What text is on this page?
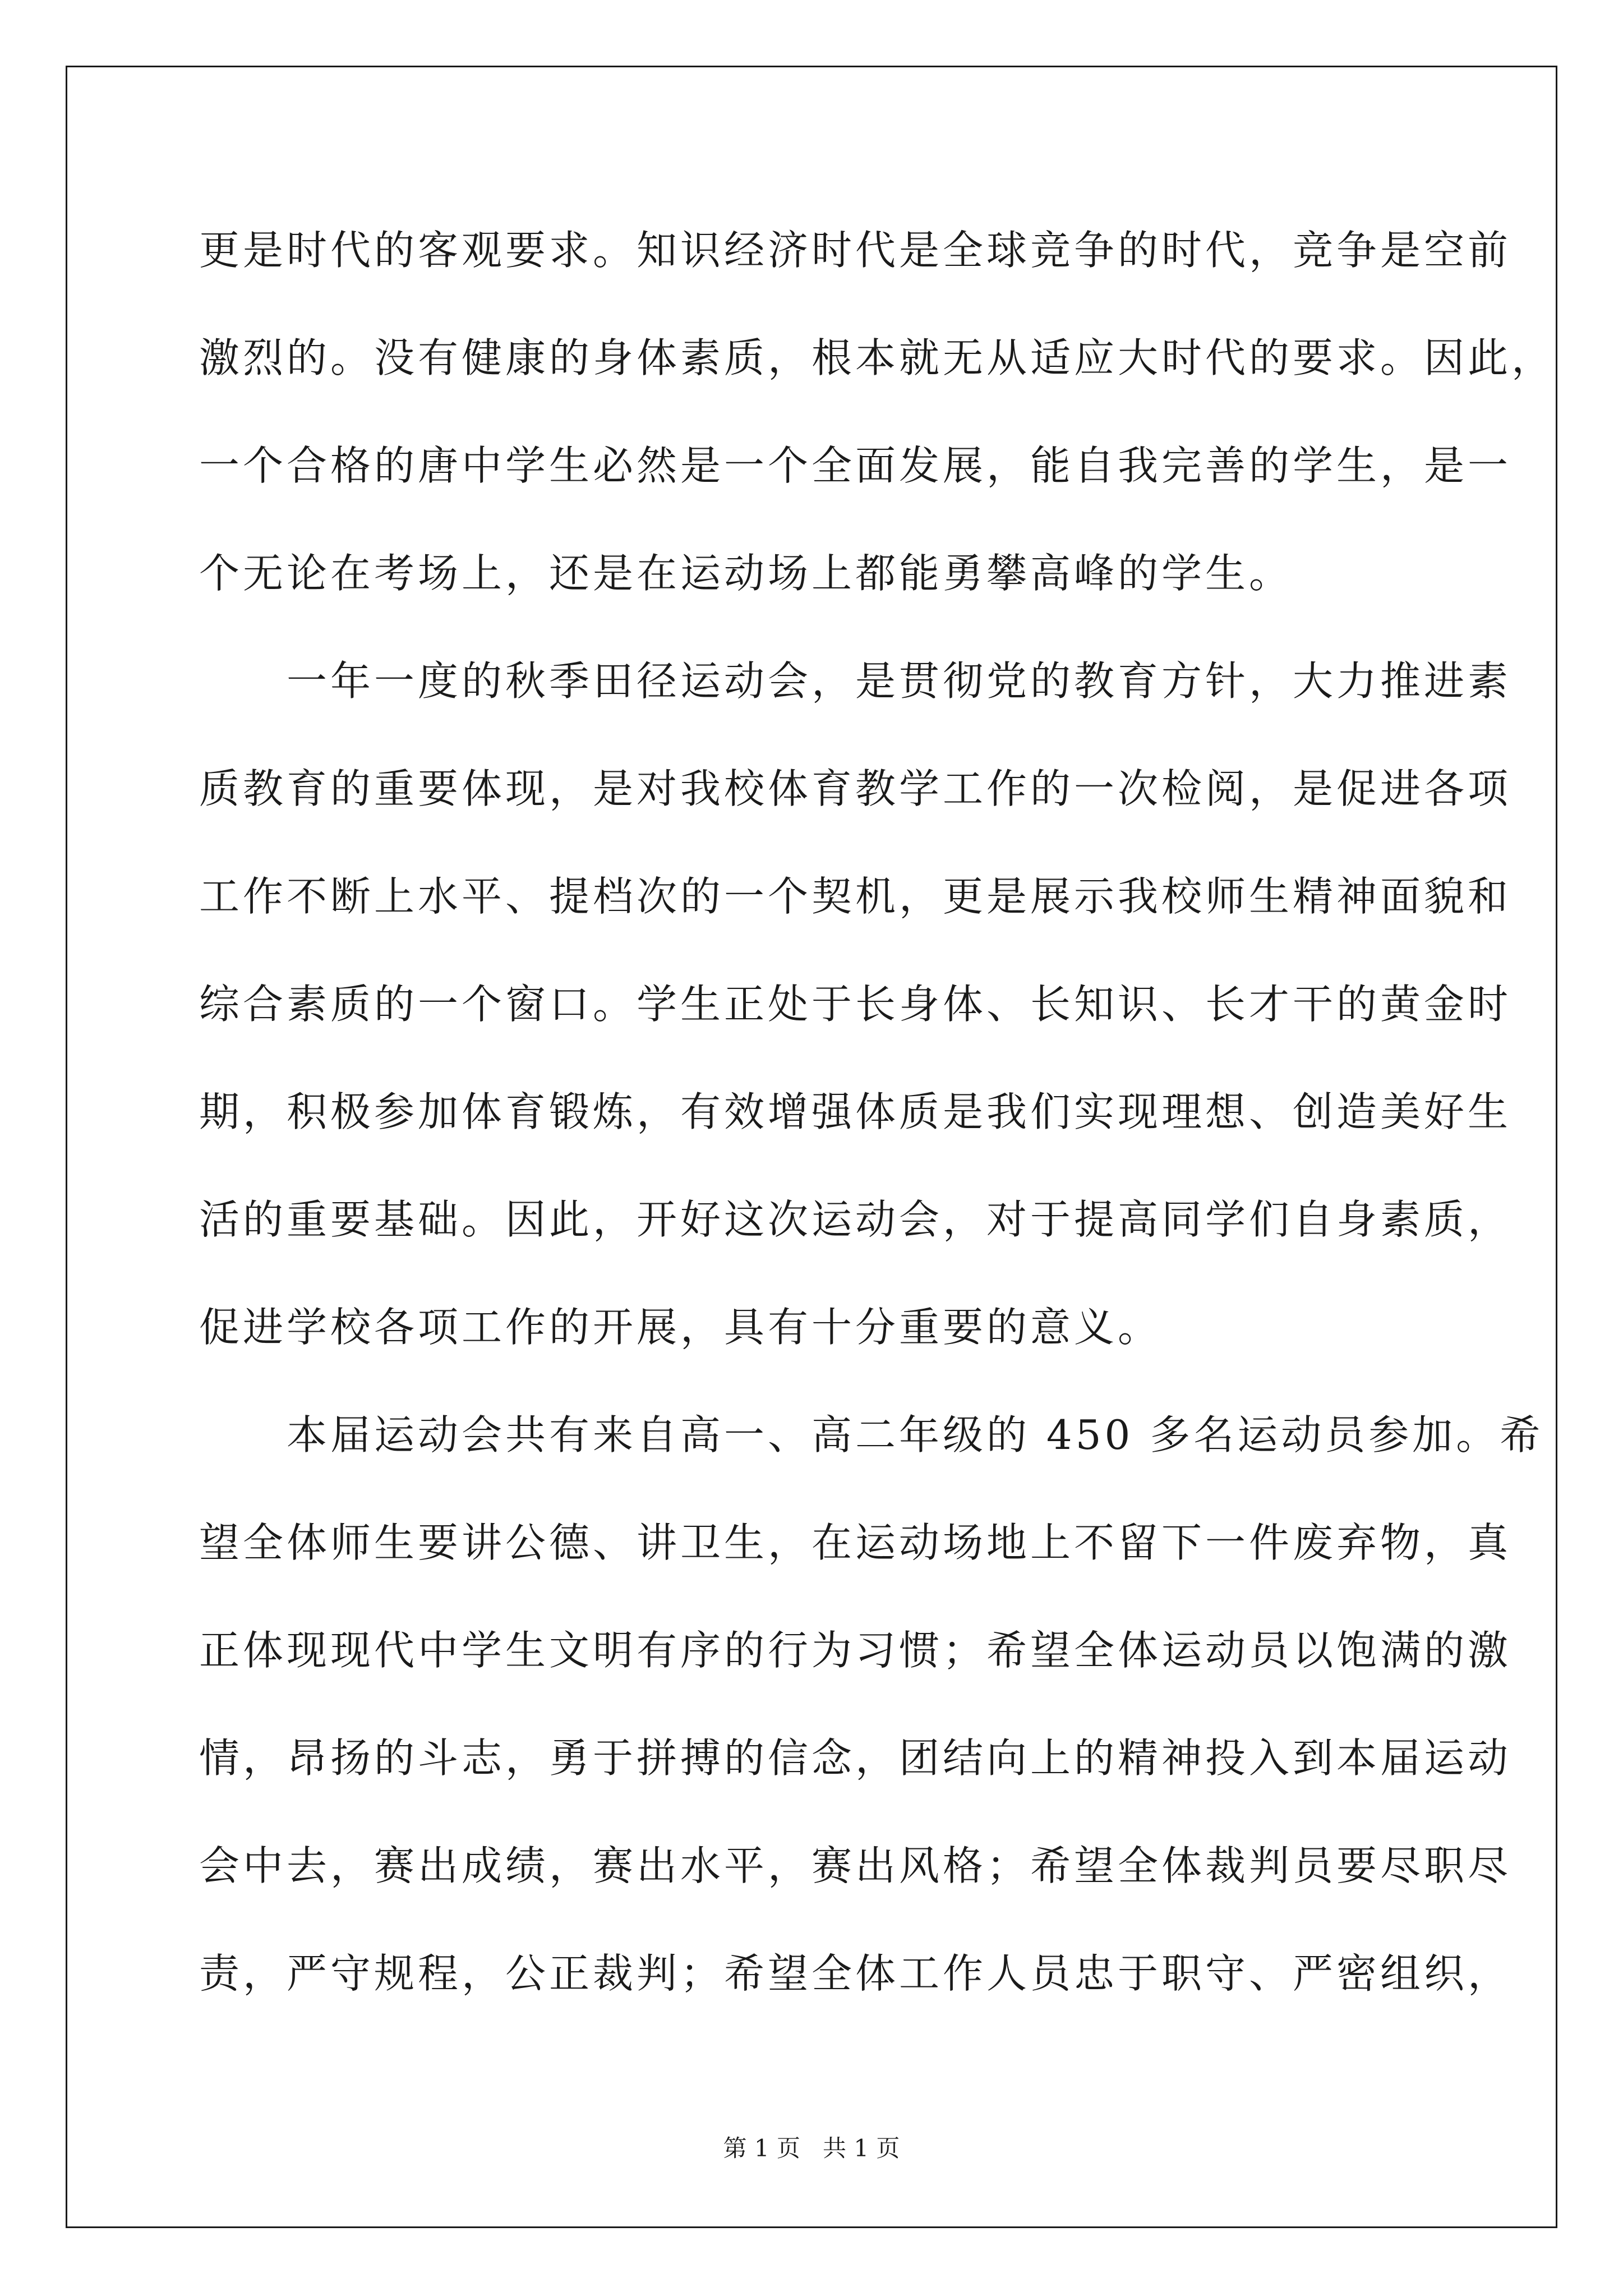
更是时代的客观要求。知识经济时代是全球竞争的时代，竞争是空前
激烈的。没有健康的身体素质，根本就无从适应大时代的要求。因此，
一个合格的唐中学生必然是一个全面发展，能自我完善的学生，是一
个无论在考场上，还是在运动场上都能勇攀高峰的学生。
　　一年一度的秋季田径运动会，是贯彻党的教育方针，大力推进素
质教育的重要体现，是对我校体育教学工作的一次检阅，是促进各项
工作不断上水平、提档次的一个契机，更是展示我校师生精神面貌和
综合素质的一个窗口。学生正处于长身体、长知识、长才干的黄金时
期，积极参加体育锻炼，有效增强体质是我们实现理想、创造美好生
活的重要基础。因此，开好这次运动会，对于提高同学们自身素质，
促进学校各项工作的开展，具有十分重要的意义。
　　本届运动会共有来自高一、高二年级的 450 多名运动员参加。希
望全体师生要讲公德、讲卫生，在运动场地上不留下一件废弃物，真
正体现现代中学生文明有序的行为习惯；希望全体运动员以饱满的激
情，昂扬的斗志，勇于拼搏的信念，团结向上的精神投入到本届运动
会中去，赛出成绩，赛出水平，赛出风格；希望全体裁判员要尽职尽
责，严守规程，公正裁判；希望全体工作人员忠于职守、严密组织，
第 1 页 共 1 页
